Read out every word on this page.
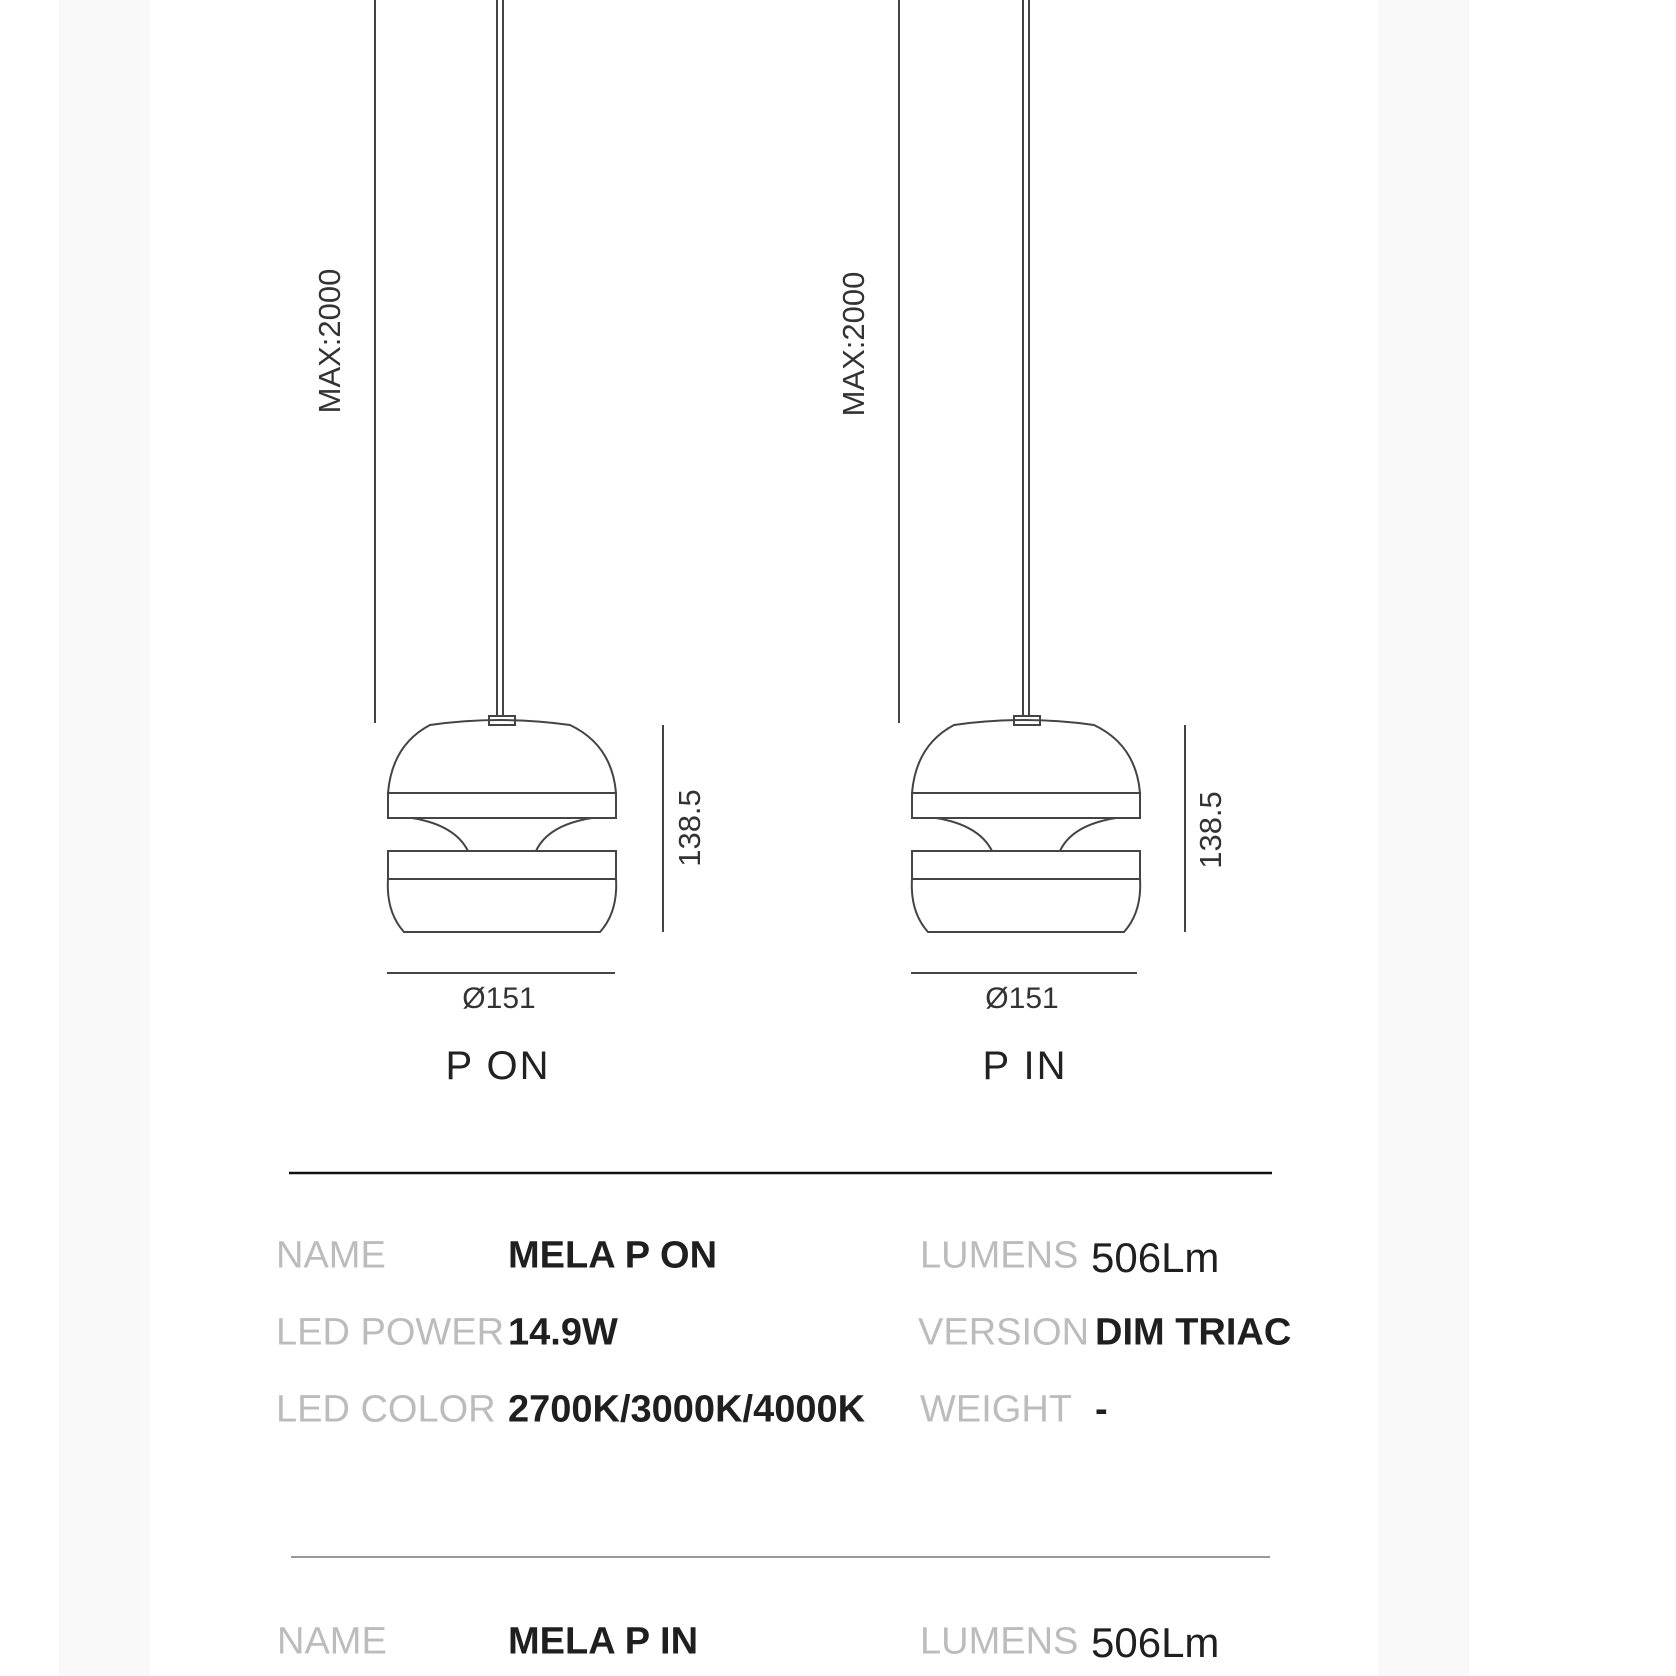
MAX:2000
138.5
Ø151
P ON
MAX:2000
138.5
Ø151
P IN
NAME	MELA P ON	LUMENS 506Lm
LED POWER 14.9W	VERSION DIM TRIAC
LED COLOR 2700K/3000K/4000K WEIGHT -
NAME	MELA P IN	LUMENS 506Lm
